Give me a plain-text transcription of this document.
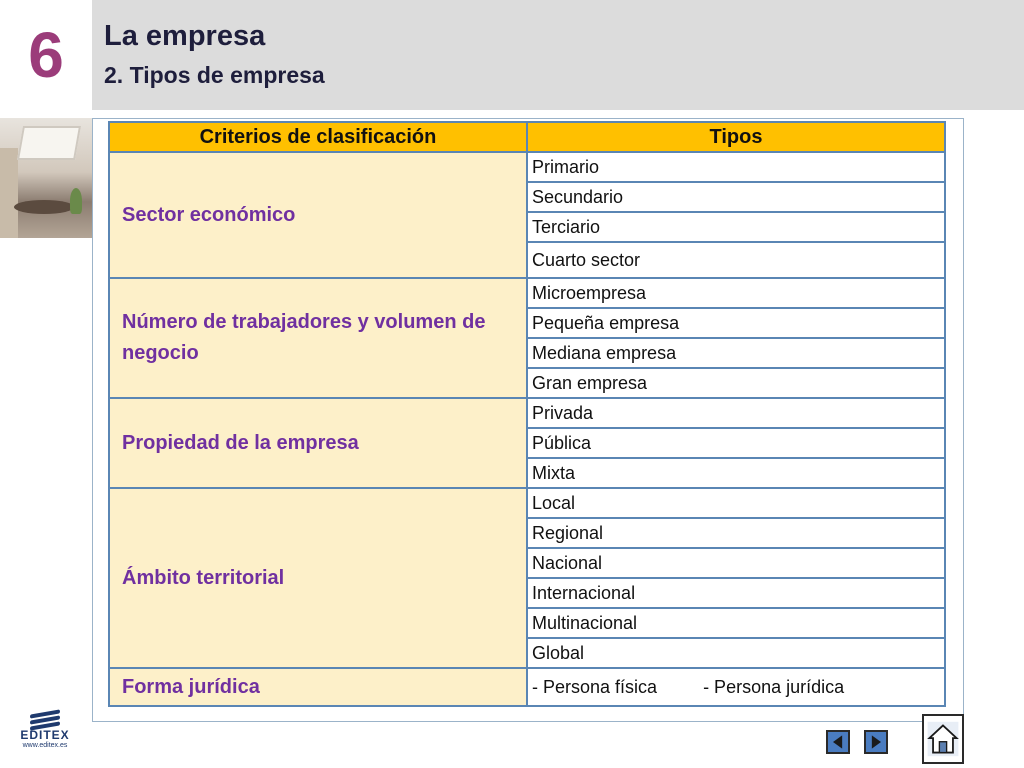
6 La empresa
2. Tipos de empresa
Criterios de clasificación	Tipos
Sector económico	Primario
	Secundario
	Terciario
	Cuarto sector
Número de trabajadores y volumen de negocio	Microempresa
	Pequeña empresa
	Mediana empresa
	Gran empresa
Propiedad de la empresa	Privada
	Pública
	Mixta
Ámbito territorial	Local
	Regional
	Nacional
	Internacional
	Multinacional
	Global
Forma jurídica	- Persona física - Persona jurídica
EDITEX
www.editex.es
